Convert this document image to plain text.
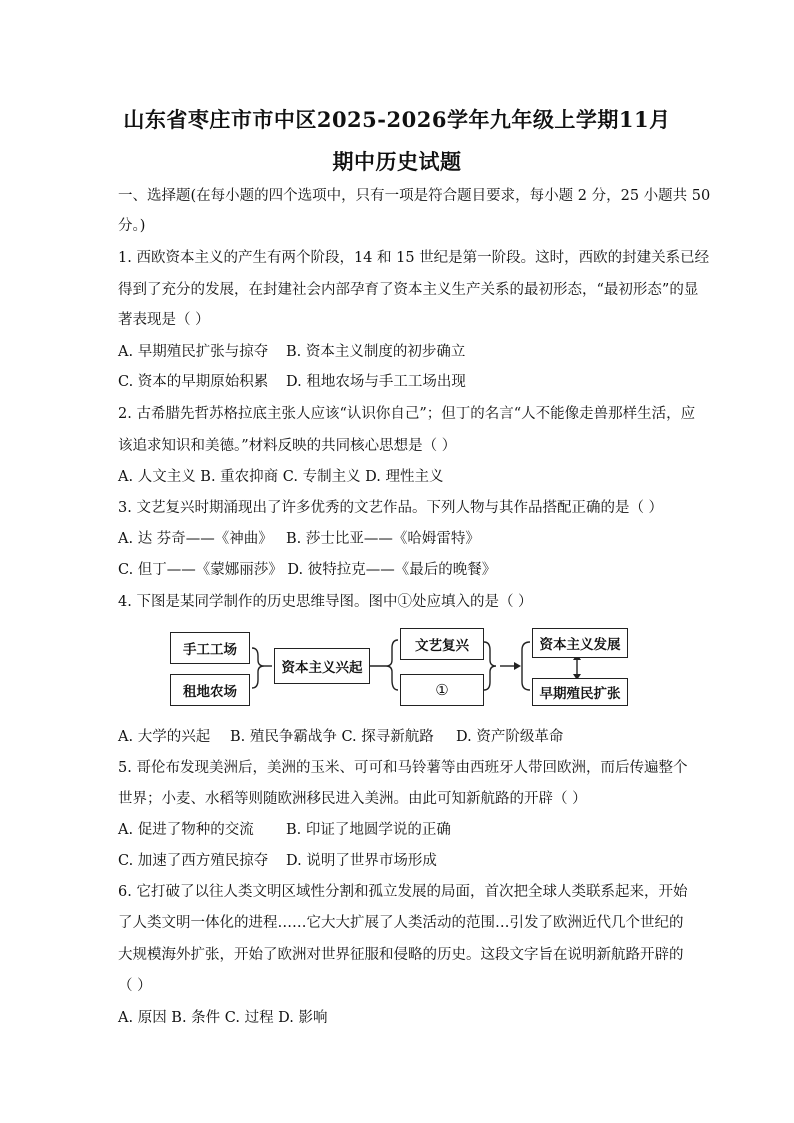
山东省枣庄市市中区2025-2026学年九年级上学期11月
期中历史试题
一、选择题(在每小题的四个选项中，只有一项是符合题目要求，每小题 2 分，25 小题共 50
分。)
1. 西欧资本主义的产生有两个阶段，14 和 15 世纪是第一阶段。这时，西欧的封建关系已经
得到了充分的发展，在封建社会内部孕育了资本主义生产关系的最初形态，“最初形态”的显
著表现是（ ）
A. 早期殖民扩张与掠夺 B. 资本主义制度的初步确立
C. 资本的早期原始积累 D. 租地农场与手工工场出现
2. 古希腊先哲苏格拉底主张人应该“认识你自己”；但丁的名言“人不能像走兽那样生活，应
该追求知识和美德。”材料反映的共同核心思想是（ ）
A. 人文主义 B. 重农抑商 C. 专制主义 D. 理性主义
3. 文艺复兴时期涌现出了许多优秀的文艺作品。下列人物与其作品搭配正确的是（ ）
A. 达 芬奇——《神曲》 B. 莎士比亚——《哈姆雷特》
C. 但丁——《蒙娜丽莎》 D. 彼特拉克——《最后的晚餐》
4. 下图是某同学制作的历史思维导图。图中①处应填入的是（ ）
手工工场
租地农场
资本主义兴起
文艺复兴
①
资本主义发展
早期殖民扩张
A. 大学的兴起 B. 殖民争霸战争 C. 探寻新航路 D. 资产阶级革命
5. 哥伦布发现美洲后，美洲的玉米、可可和马铃薯等由西班牙人带回欧洲，而后传遍整个
世界；小麦、水稻等则随欧洲移民进入美洲。由此可知新航路的开辟（ ）
A. 促进了物种的交流 B. 印证了地圆学说的正确
C. 加速了西方殖民掠夺 D. 说明了世界市场形成
6. 它打破了以往人类文明区域性分割和孤立发展的局面，首次把全球人类联系起来，开始
了人类文明一体化的进程……它大大扩展了人类活动的范围…引发了欧洲近代几个世纪的
大规模海外扩张，开始了欧洲对世界征服和侵略的历史。这段文字旨在说明新航路开辟的
（ ）
A. 原因 B. 条件 C. 过程 D. 影响
